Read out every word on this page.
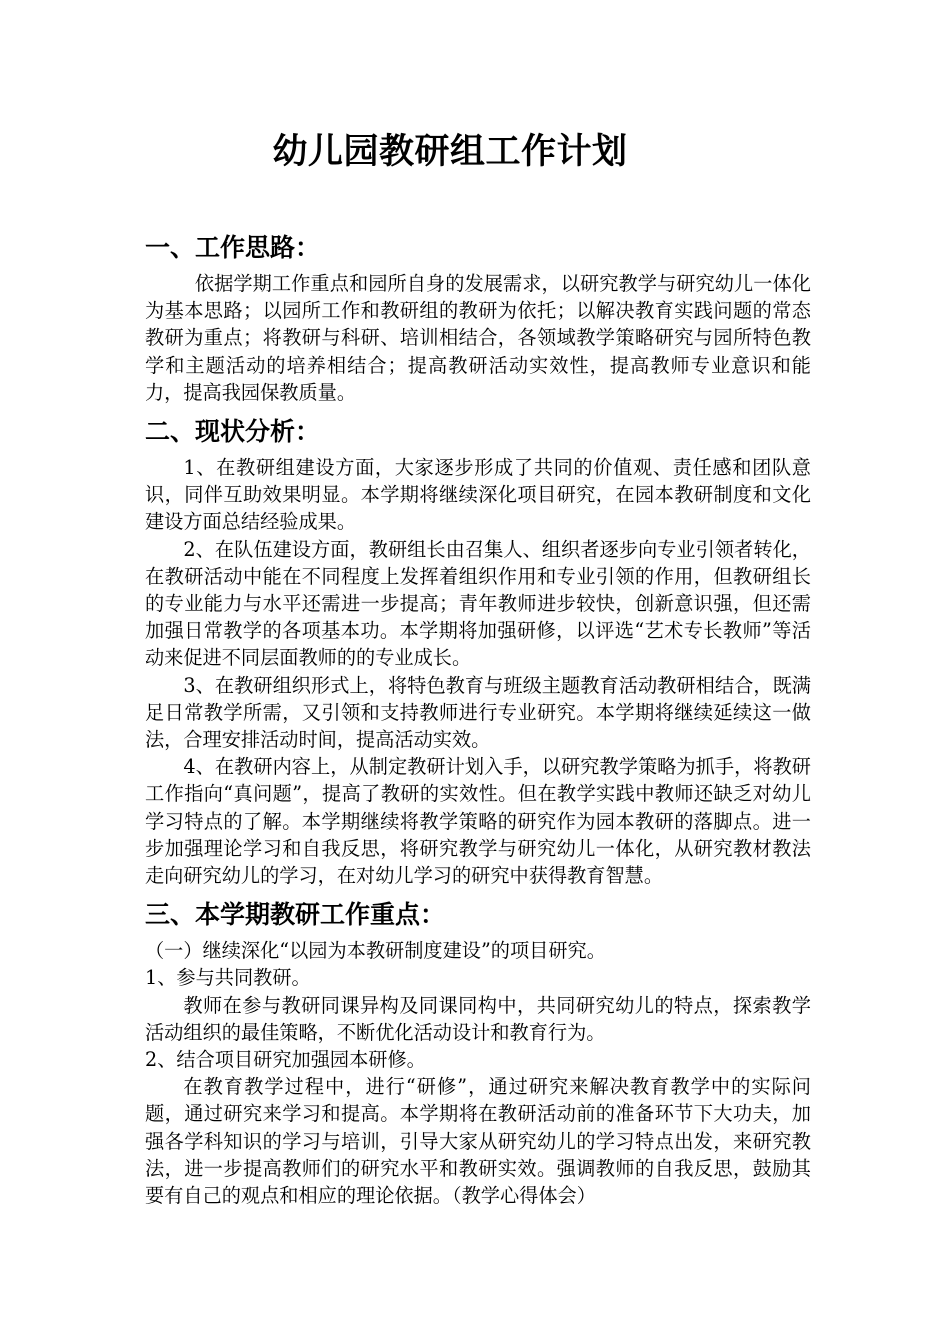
幼儿园教研组工作计划

一、工作思路：

依据学期工作重点和园所自身的发展需求，以研究教学与研究幼儿一体化为基本思路；以园所工作和教研组的教研为依托；以解决教育实践问题的常态教研为重点；将教研与科研、培训相结合，各领域教学策略研究与园所特色教学和主题活动的培养相结合；提高教研活动实效性，提高教师专业意识和能力，提高我园保教质量。

二、现状分析：

1、在教研组建设方面，大家逐步形成了共同的价值观、责任感和团队意识，同伴互助效果明显。本学期将继续深化项目研究，在园本教研制度和文化建设方面总结经验成果。

2、在队伍建设方面，教研组长由召集人、组织者逐步向专业引领者转化，在教研活动中能在不同程度上发挥着组织作用和专业引领的作用，但教研组长的专业能力与水平还需进一步提高；青年教师进步较快，创新意识强，但还需加强日常教学的各项基本功。本学期将加强研修，以评选“艺术专长教师”等活动来促进不同层面教师的的专业成长。

3、在教研组织形式上，将特色教育与班级主题教育活动教研相结合，既满足日常教学所需，又引领和支持教师进行专业研究。本学期将继续延续这一做法，合理安排活动时间，提高活动实效。

4、在教研内容上，从制定教研计划入手，以研究教学策略为抓手，将教研工作指向“真问题”，提高了教研的实效性。但在教学实践中教师还缺乏对幼儿学习特点的了解。本学期继续将教学策略的研究作为园本教研的落脚点。进一步加强理论学习和自我反思，将研究教学与研究幼儿一体化，从研究教材教法走向研究幼儿的学习，在对幼儿学习的研究中获得教育智慧。

三、本学期教研工作重点：

（一）继续深化“以园为本教研制度建设”的项目研究。

1、参与共同教研。

教师在参与教研同课异构及同课同构中，共同研究幼儿的特点，探索教学活动组织的最佳策略，不断优化活动设计和教育行为。

2、结合项目研究加强园本研修。

在教育教学过程中，进行“研修”，通过研究来解决教育教学中的实际问题，通过研究来学习和提高。本学期将在教研活动前的准备环节下大功夫，加强各学科知识的学习与培训，引导大家从研究幼儿的学习特点出发，来研究教法，进一步提高教师们的研究水平和教研实效。强调教师的自我反思，鼓励其要有自己的观点和相应的理论依据。（教学心得体会）
